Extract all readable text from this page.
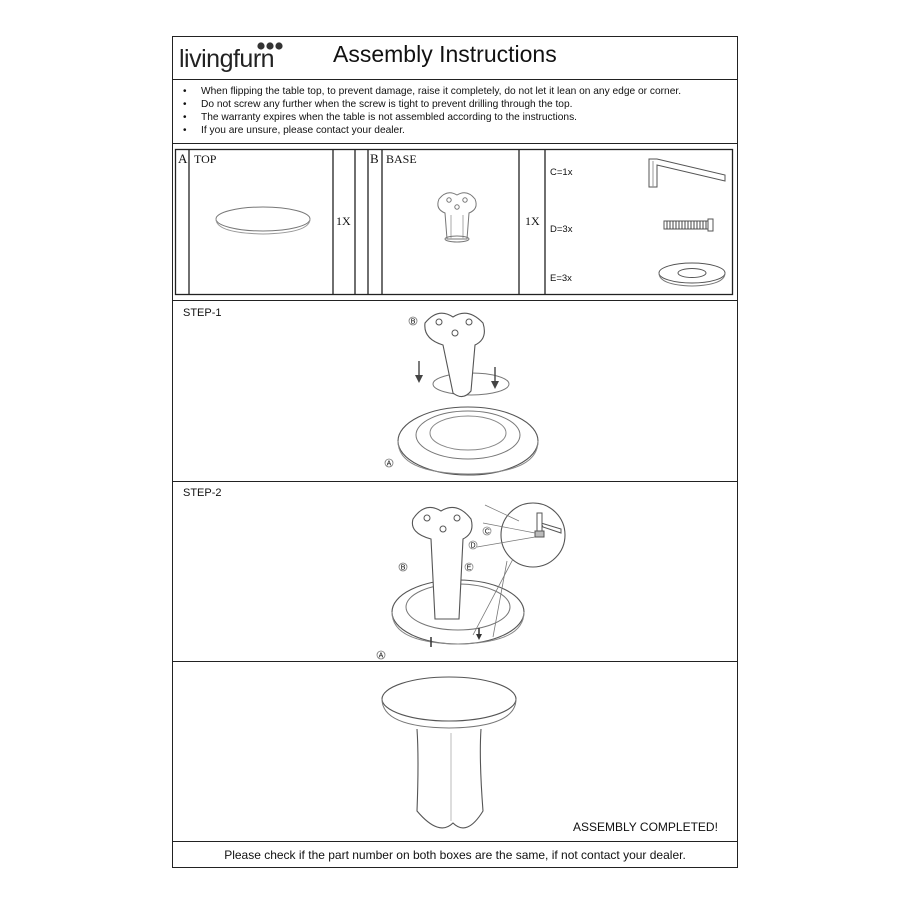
livingfurn	Assembly Instructions
• When flipping the table top, to prevent damage, raise it completely, do not let it lean on any edge or corner.
• Do not screw any further when the screw is tight to prevent drilling through the top.
• The warranty expires when the table is not assembled according to the instructions.
• If you are unsure, please contact your dealer.
A TOP
1X
B BASE
1X
C=1x
D=3x
E=3x
STEP-1
B
A
STEP-2
C
D
E
B
A
ASSEMBLY COMPLETED!
Please check if the part number on both boxes are the same, if not contact your dealer.
